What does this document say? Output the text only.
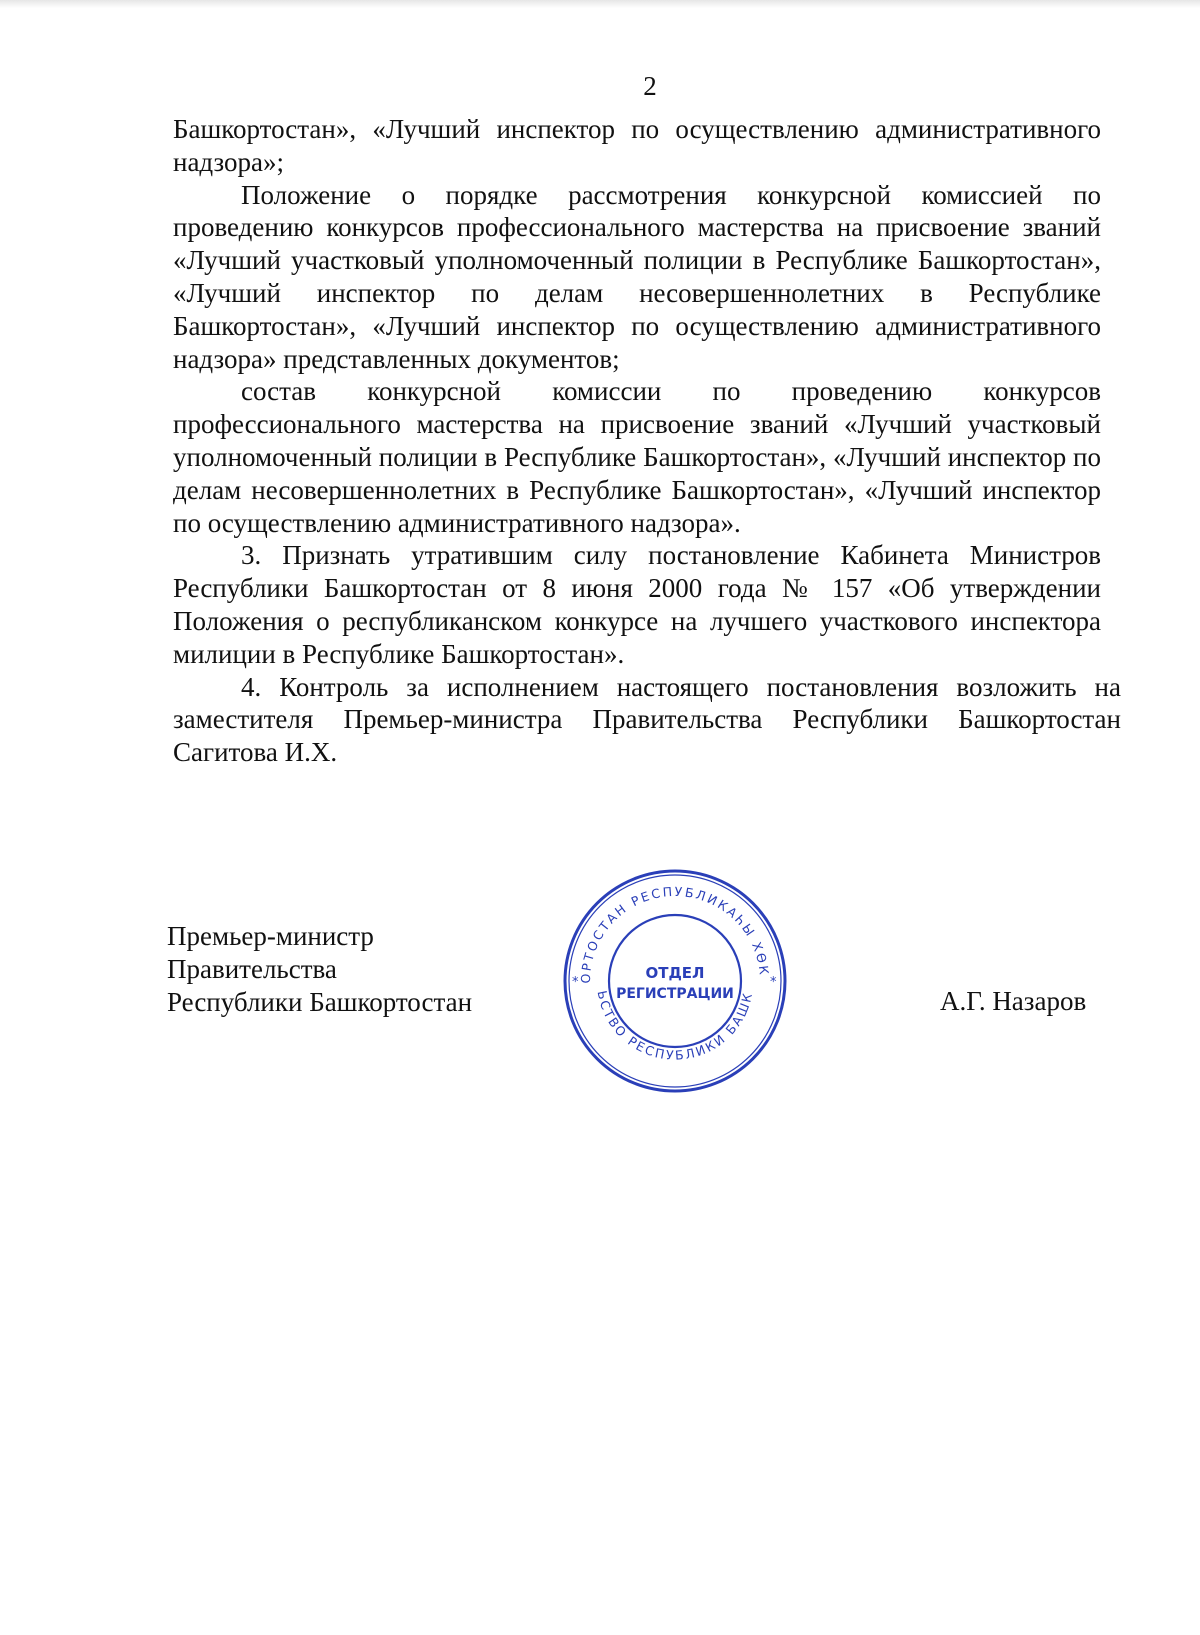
2

Башкортостан», «Лучший инспектор по осуществлению административного надзора»;

Положение о порядке рассмотрения конкурсной комиссией по проведению конкурсов профессионального мастерства на присвоение званий «Лучший участковый уполномоченный полиции в Республике Башкортостан», «Лучший инспектор по делам несовершеннолетних в Республике Башкортостан», «Лучший инспектор по осуществлению административного надзора» представленных документов;

состав конкурсной комиссии по проведению конкурсов профессионального мастерства на присвоение званий «Лучший участковый уполномоченный полиции в Республике Башкортостан», «Лучший инспектор по делам несовершеннолетних в Республике Башкортостан», «Лучший инспектор по осуществлению административного надзора».

3. Признать утратившим силу постановление Кабинета Министров Республики Башкортостан от 8 июня 2000 года № 157 «Об утверждении Положения о республиканском конкурсе на лучшего участкового инспектора милиции в Республике Башкортостан».

4. Контроль за исполнением настоящего постановления возложить на заместителя Премьер-министра Правительства Республики Башкортостан Сагитова И.Х.

Премьер-министр
Правительства
Республики Башкортостан	А.Г. Назаров
ОРТОСТАН РЕСПУБЛИКАҺЫ ХӨК
ЬСТВО РЕСПУБЛИКИ БАШК
*	*
ОТДЕЛ
РЕГИСТРАЦИИ
